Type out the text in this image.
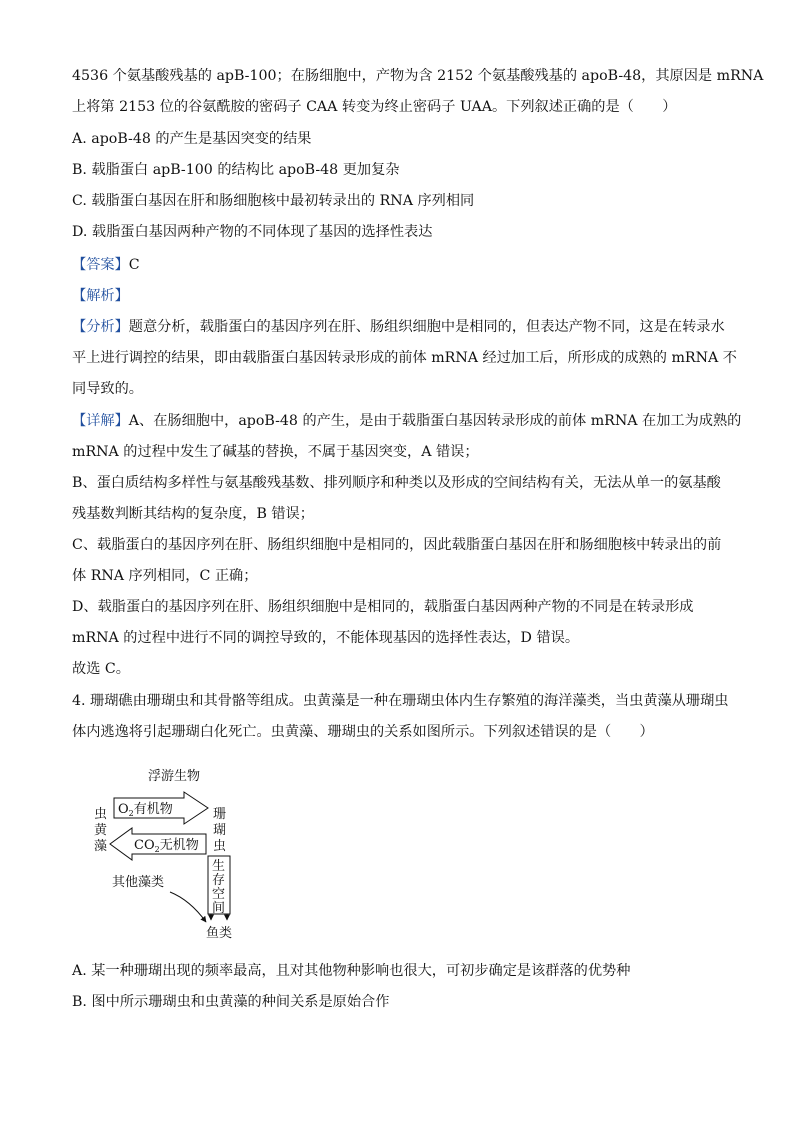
4536 个氨基酸残基的 apB-100；在肠细胞中，产物为含 2152 个氨基酸残基的 apoB-48，其原因是 mRNA
上将第 2153 位的谷氨酰胺的密码子 CAA 转变为终止密码子 UAA。下列叙述正确的是（　　）
A. apoB-48 的产生是基因突变的结果
B. 载脂蛋白 apB-100 的结构比 apoB-48 更加复杂
C. 载脂蛋白基因在肝和肠细胞核中最初转录出的 RNA 序列相同
D. 载脂蛋白基因两种产物的不同体现了基因的选择性表达
【答案】C
【解析】
【分析】题意分析，载脂蛋白的基因序列在肝、肠组织细胞中是相同的，但表达产物不同，这是在转录水
平上进行调控的结果，即由载脂蛋白基因转录形成的前体 mRNA 经过加工后，所形成的成熟的 mRNA 不
同导致的。
【详解】A、在肠细胞中，apoB-48 的产生，是由于载脂蛋白基因转录形成的前体 mRNA 在加工为成熟的
mRNA 的过程中发生了碱基的替换，不属于基因突变，A 错误；
B、蛋白质结构多样性与氨基酸残基数、排列顺序和种类以及形成的空间结构有关，无法从单一的氨基酸
残基数判断其结构的复杂度，B 错误；
C、载脂蛋白的基因序列在肝、肠组织细胞中是相同的，因此载脂蛋白基因在肝和肠细胞核中转录出的前
体 RNA 序列相同，C 正确；
D、载脂蛋白的基因序列在肝、肠组织细胞中是相同的，载脂蛋白基因两种产物的不同是在转录形成
mRNA 的过程中进行不同的调控导致的，不能体现基因的选择性表达，D 错误。
故选 C。
4. 珊瑚礁由珊瑚虫和其骨骼等组成。虫黄藻是一种在珊瑚虫体内生存繁殖的海洋藻类，当虫黄藻从珊瑚虫
体内逃逸将引起珊瑚白化死亡。虫黄藻、珊瑚虫的关系如图所示。下列叙述错误的是（　　）
浮游生物
虫
黄
藻
珊
瑚
虫
$O_2$有机物
$CO_2$无机物
生
存
空
间
其他藻类
鱼类
A. 某一种珊瑚出现的频率最高，且对其他物种影响也很大，可初步确定是该群落的优势种
B. 图中所示珊瑚虫和虫黄藻的种间关系是原始合作
